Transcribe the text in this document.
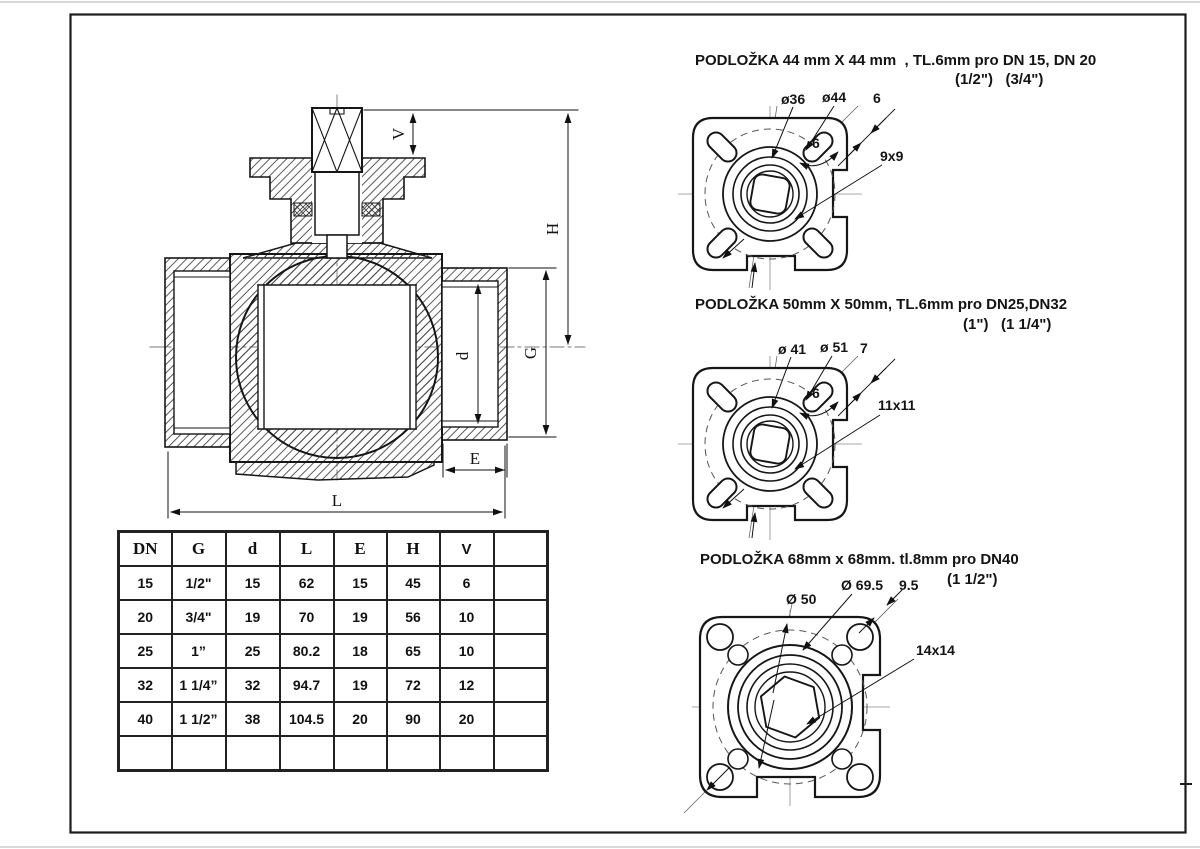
V
H
d	G
E
L
ø36 ø44 6
6
9x9
ø 41 ø 51 7
6
11x11
Ø 50
Ø 69.5 9.5
14x14
PODLOŽKA 44 mm X 44 mm  , TL.6mm pro DN 15, DN 20
(1/2")   (3/4")
PODLOŽKA 50mm X 50mm, TL.6mm pro DN25,DN32
(1")   (1 1/4")
PODLOŽKA 68mm x 68mm. tl.8mm pro DN40
(1 1/2")
DN	G	d	L	E	H	V	
15	1/2"	15	62	15	45	6	
20	3/4"	19	70	19	56	10	
25	1”	25	80.2	18	65	10	
32	1 1/4”	32	94.7	19	72	12	
40	1 1/2”	38	104.5	20	90	20	
